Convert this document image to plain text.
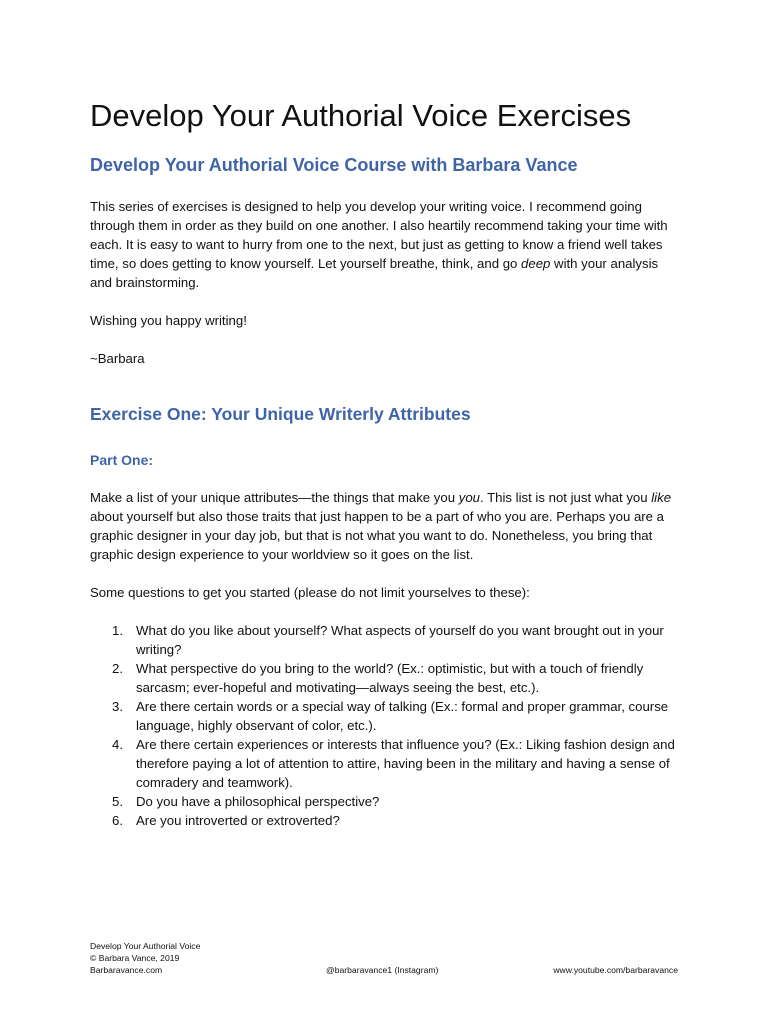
Develop Your Authorial Voice Exercises
Develop Your Authorial Voice Course with Barbara Vance

This series of exercises is designed to help you develop your writing voice. I recommend going through them in order as they build on one another. I also heartily recommend taking your time with each. It is easy to want to hurry from one to the next, but just as getting to know a friend well takes time, so does getting to know yourself. Let yourself breathe, think, and go deep with your analysis and brainstorming.

Wishing you happy writing!

~Barbara

Exercise One: Your Unique Writerly Attributes
Part One:

Make a list of your unique attributes—the things that make you you. This list is not just what you like about yourself but also those traits that just happen to be a part of who you are. Perhaps you are a graphic designer in your day job, but that is not what you want to do. Nonetheless, you bring that graphic design experience to your worldview so it goes on the list.

Some questions to get you started (please do not limit yourselves to these):

1. What do you like about yourself? What aspects of yourself do you want brought out in your writing?
2. What perspective do you bring to the world? (Ex.: optimistic, but with a touch of friendly sarcasm; ever-hopeful and motivating—always seeing the best, etc.).
3. Are there certain words or a special way of talking (Ex.: formal and proper grammar, course language, highly observant of color, etc.).
4. Are there certain experiences or interests that influence you? (Ex.: Liking fashion design and therefore paying a lot of attention to attire, having been in the military and having a sense of comradery and teamwork).
5. Do you have a philosophical perspective?
6. Are you introverted or extroverted?
Develop Your Authorial Voice
© Barbara Vance, 2019
Barbaravance.com	@barbaravance1 (Instagram)	www.youtube.com/barbaravance
